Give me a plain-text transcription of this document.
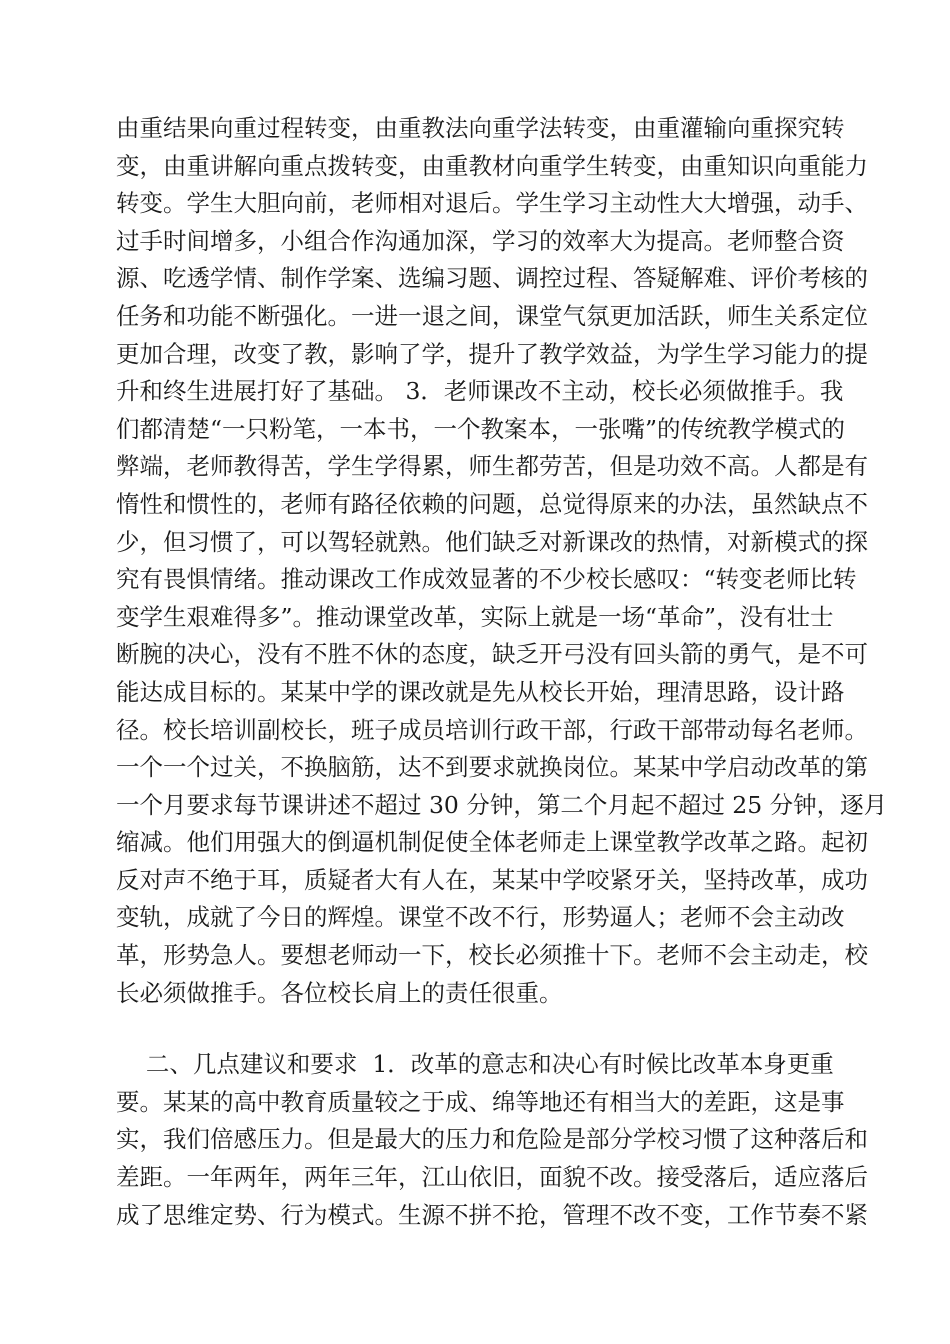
由重结果向重过程转变，由重教法向重学法转变，由重灌输向重探究转
变，由重讲解向重点拨转变，由重教材向重学生转变，由重知识向重能力
转变。学生大胆向前，老师相对退后。学生学习主动性大大增强，动手、
过手时间增多，小组合作沟通加深，学习的效率大为提高。老师整合资
源、吃透学情、制作学案、选编习题、调控过程、答疑解难、评价考核的
任务和功能不断强化。一进一退之间，课堂气氛更加活跃，师生关系定位
更加合理，改变了教，影响了学，提升了教学效益，为学生学习能力的提
升和终生进展打好了基础。 3．老师课改不主动，校长必须做推手。我
们都清楚“一只粉笔，一本书，一个教案本，一张嘴”的传统教学模式的
弊端，老师教得苦，学生学得累，师生都劳苦，但是功效不高。人都是有
惰性和惯性的，老师有路径依赖的问题，总觉得原来的办法，虽然缺点不
少，但习惯了，可以驾轻就熟。他们缺乏对新课改的热情，对新模式的探
究有畏惧情绪。推动课改工作成效显著的不少校长感叹：“转变老师比转
变学生艰难得多”。推动课堂改革，实际上就是一场“革命”，没有壮士
断腕的决心，没有不胜不休的态度，缺乏开弓没有回头箭的勇气，是不可
能达成目标的。某某中学的课改就是先从校长开始，理清思路，设计路
径。校长培训副校长，班子成员培训行政干部，行政干部带动每名老师。
一个一个过关，不换脑筋，达不到要求就换岗位。某某中学启动改革的第
一个月要求每节课讲述不超过 30 分钟，第二个月起不超过 25 分钟，逐月
缩减。他们用强大的倒逼机制促使全体老师走上课堂教学改革之路。起初
反对声不绝于耳，质疑者大有人在，某某中学咬紧牙关，坚持改革，成功
变轨，成就了今日的辉煌。课堂不改不行，形势逼人；老师不会主动改
革，形势急人。要想老师动一下，校长必须推十下。老师不会主动走，校
长必须做推手。各位校长肩上的责任很重。
二、几点建议和要求  1．改革的意志和决心有时候比改革本身更重
要。某某的高中教育质量较之于成、绵等地还有相当大的差距，这是事
实，我们倍感压力。但是最大的压力和危险是部分学校习惯了这种落后和
差距。一年两年，两年三年，江山依旧，面貌不改。接受落后，适应落后
成了思维定势、行为模式。生源不拼不抢，管理不改不变，工作节奏不紧
